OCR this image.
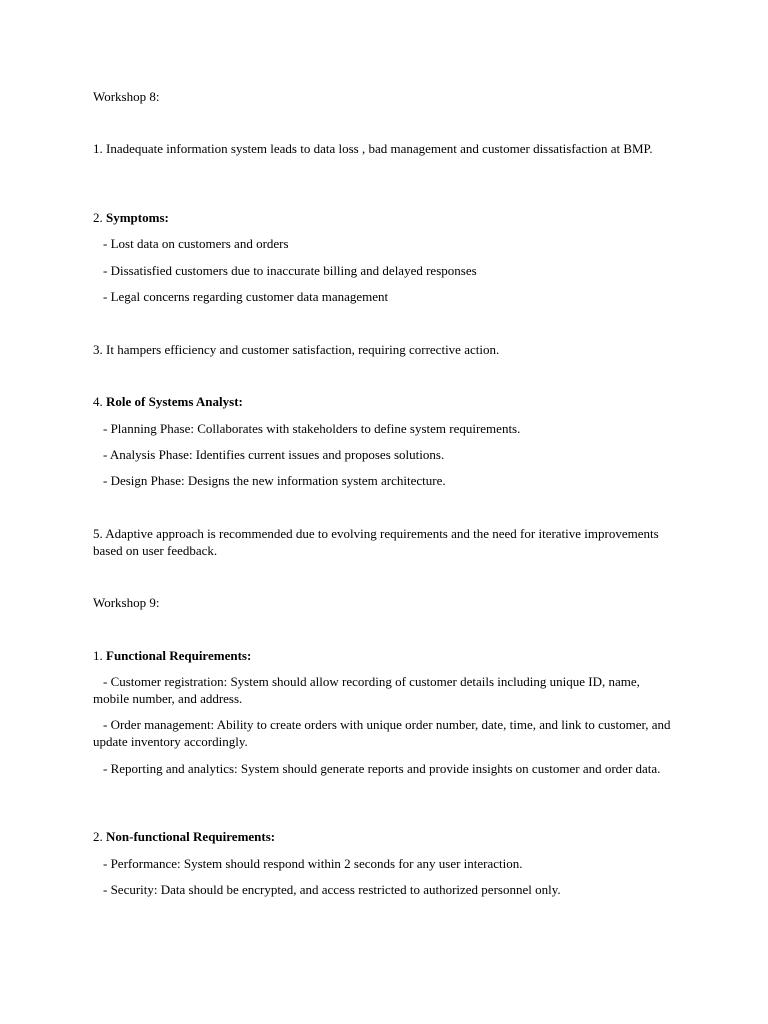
Workshop 8:
1. Inadequate information system leads to data loss , bad management and customer dissatisfaction at BMP.
2. Symptoms:
- Lost data on customers and orders
- Dissatisfied customers due to inaccurate billing and delayed responses
- Legal concerns regarding customer data management
3. It hampers efficiency and customer satisfaction, requiring corrective action.
4. Role of Systems Analyst:
- Planning Phase: Collaborates with stakeholders to define system requirements.
- Analysis Phase: Identifies current issues and proposes solutions.
- Design Phase: Designs the new information system architecture.
5. Adaptive approach is recommended due to evolving requirements and the need for iterative improvements based on user feedback.
Workshop 9:
1. Functional Requirements:
- Customer registration: System should allow recording of customer details including unique ID, name, mobile number, and address.
- Order management: Ability to create orders with unique order number, date, time, and link to customer, and update inventory accordingly.
- Reporting and analytics: System should generate reports and provide insights on customer and order data.
2. Non-functional Requirements:
- Performance: System should respond within 2 seconds for any user interaction.
- Security: Data should be encrypted, and access restricted to authorized personnel only.
